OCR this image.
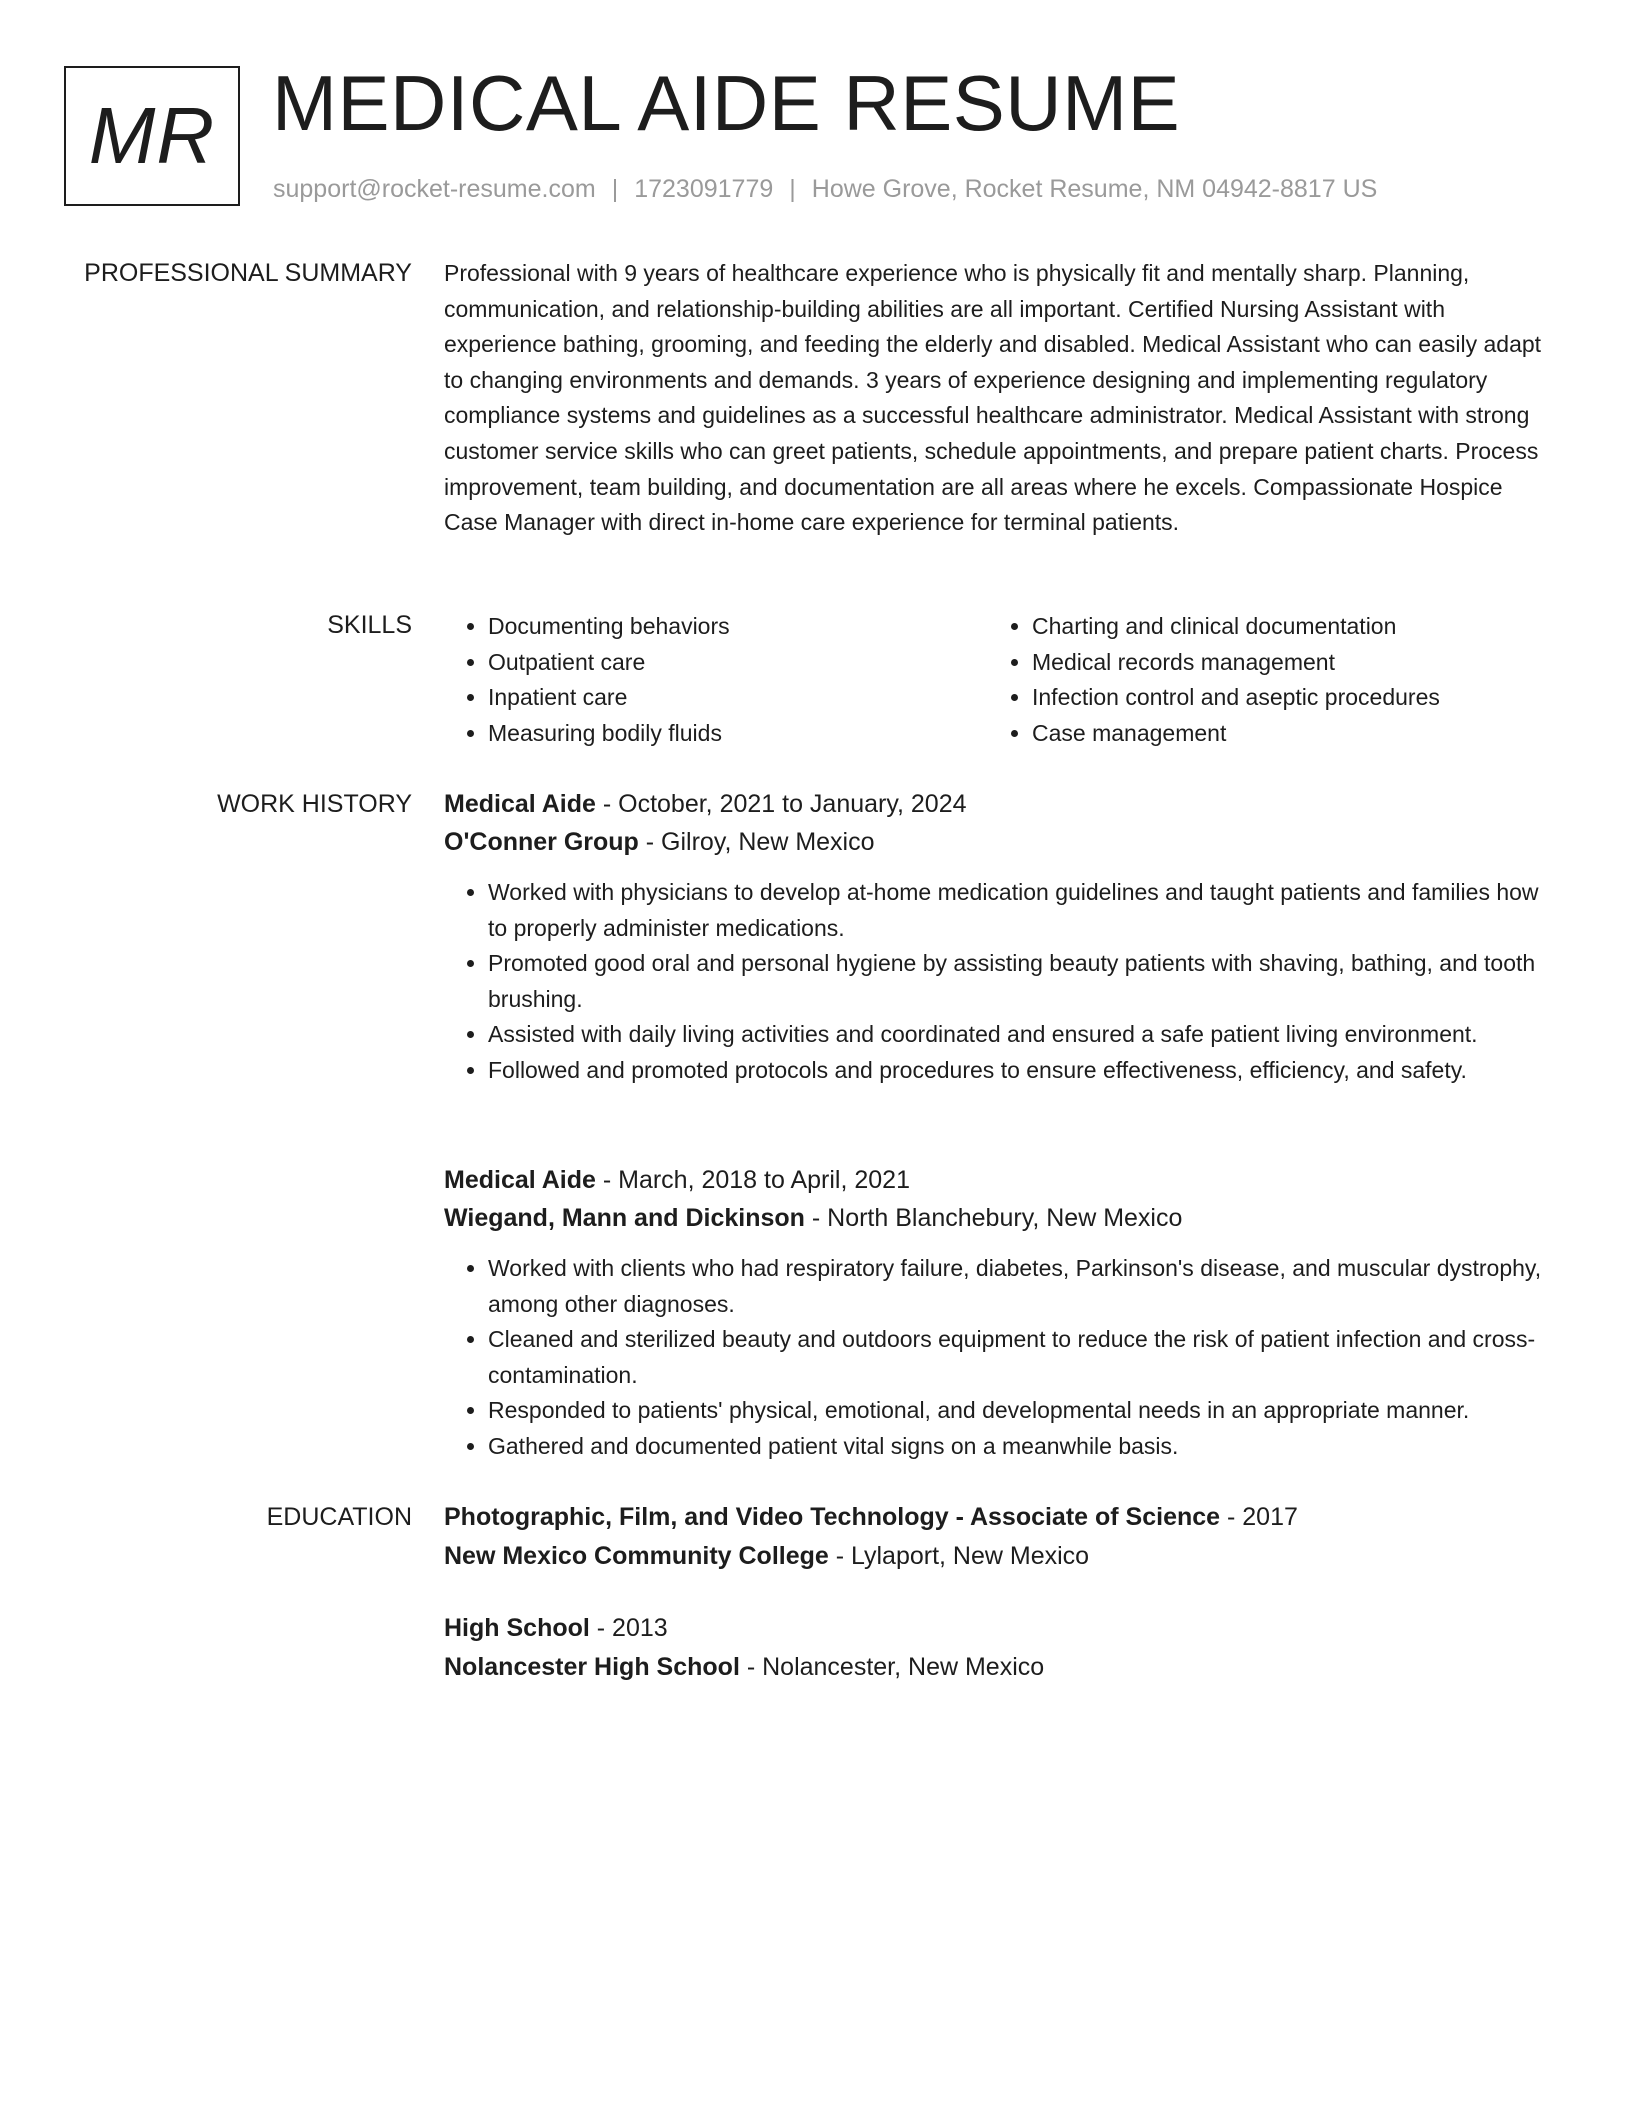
MR MEDICAL AIDE RESUME
support@rocket-resume.com | 1723091779 | Howe Grove, Rocket Resume, NM 04942-8817 US
PROFESSIONAL SUMMARY Professional with 9 years of healthcare experience who is physically fit and mentally sharp. Planning, communication, and relationship-building abilities are all important. Certified Nursing Assistant with experience bathing, grooming, and feeding the elderly and disabled. Medical Assistant who can easily adapt to changing environments and demands. 3 years of experience designing and implementing regulatory compliance systems and guidelines as a successful healthcare administrator. Medical Assistant with strong customer service skills who can greet patients, schedule appointments, and prepare patient charts. Process improvement, team building, and documentation are all areas where he excels. Compassionate Hospice Case Manager with direct in-home care experience for terminal patients.

SKILLS
•	Documenting behaviors
• Outpatient care
• Inpatient care
• Measuring bodily fluids
• Charting and clinical documentation
• Medical records management
• Infection control and aseptic procedures
• Case management
WORK HISTORY Medical Aide - October, 2021 to January, 2024

O'Conner Group - Gilroy, New Mexico

• Worked with physicians to develop at-home medication guidelines and taught patients and families how to properly administer medications.
• Promoted good oral and personal hygiene by assisting beauty patients with shaving, bathing, and tooth brushing.
• Assisted with daily living activities and coordinated and ensured a safe patient living environment.
• Followed and promoted protocols and procedures to ensure effectiveness, efficiency, and safety.

Medical Aide - March, 2018 to April, 2021

Wiegand, Mann and Dickinson - North Blanchebury, New Mexico

• Worked with clients who had respiratory failure, diabetes, Parkinson's disease, and muscular dystrophy, among other diagnoses.
• Cleaned and sterilized beauty and outdoors equipment to reduce the risk of patient infection and cross-contamination.
• Responded to patients' physical, emotional, and developmental needs in an appropriate manner.
• Gathered and documented patient vital signs on a meanwhile basis.
EDUCATION Photographic, Film, and Video Technology - Associate of Science - 2017

New Mexico Community College - Lylaport, New Mexico

High School - 2013

Nolancester High School - Nolancester, New Mexico
